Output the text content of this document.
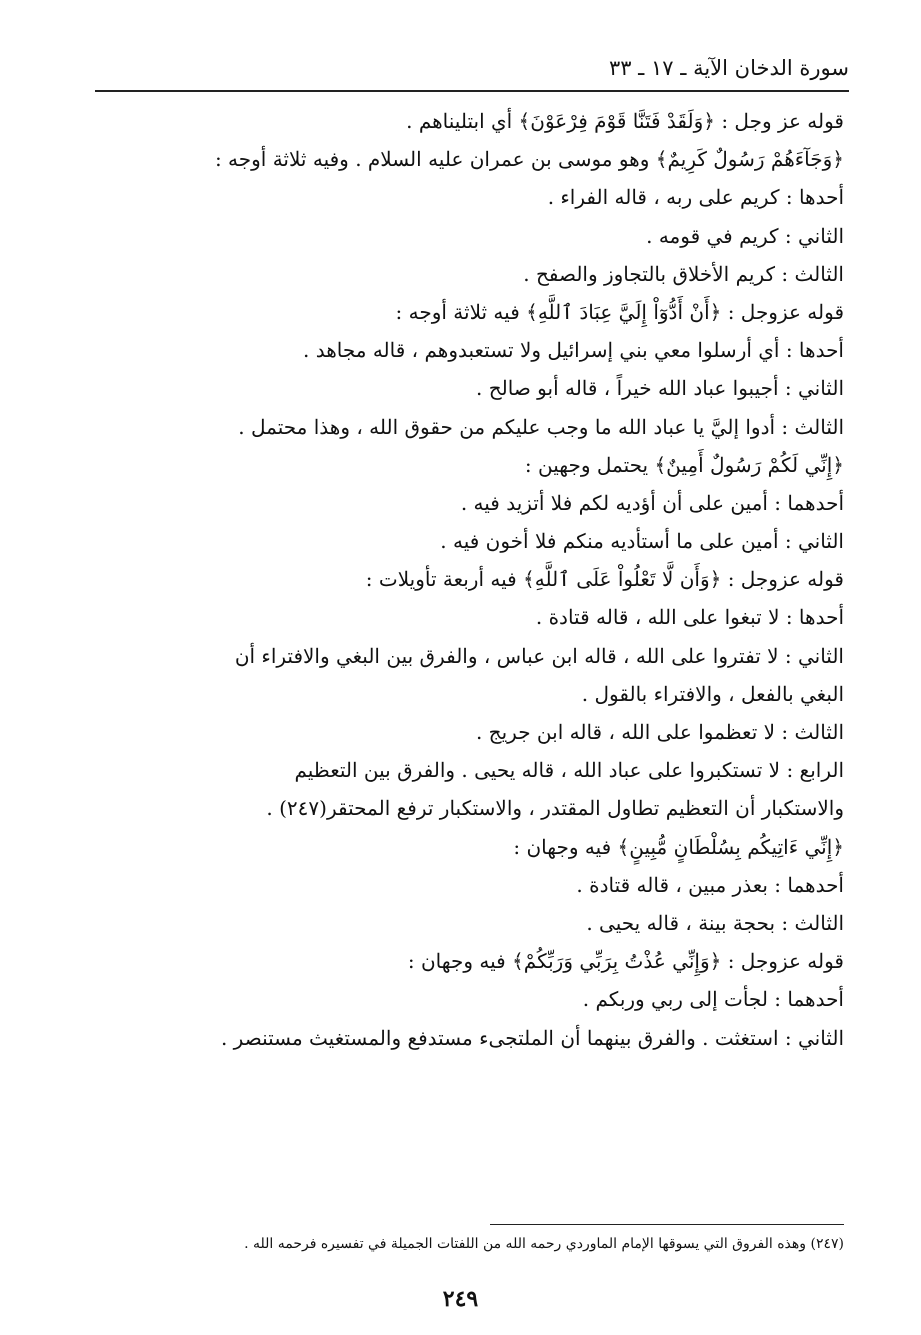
سورة الدخان الآية ـ ١٧ ـ ٣٣
قوله عز وجل : ﴿وَلَقَدْ فَتَنَّا قَوْمَ فِرْعَوْنَ﴾ أي ابتليناهم .
﴿وَجَآءَهُمْ رَسُولٌ كَرِيمٌ﴾ وهو موسى بن عمران عليه السلام . وفيه ثلاثة أوجه :
أحدها : كريم على ربه ، قاله الفراء .
الثاني : كريم في قومه .
الثالث : كريم الأخلاق بالتجاوز والصفح .
قوله عزوجل : ﴿أَنْ أَدُّوٓاْ إِلَيَّ عِبَادَ ٱللَّهِ﴾ فيه ثلاثة أوجه :
أحدها : أي أرسلوا معي بني إسرائيل ولا تستعبدوهم ، قاله مجاهد .
الثاني : أجيبوا عباد الله خيراً ، قاله أبو صالح .
الثالث : أدوا إليَّ يا عباد الله ما وجب عليكم من حقوق الله ، وهذا محتمل .
﴿إِنِّي لَكُمْ رَسُولٌ أَمِينٌ﴾ يحتمل وجهين :
أحدهما : أمين على أن أؤديه لكم فلا أتزيد فيه .
الثاني : أمين على ما أستأديه منكم فلا أخون فيه .
قوله عزوجل : ﴿وَأَن لَّا تَعْلُواْ عَلَى ٱللَّهِ﴾ فيه أربعة تأويلات :
أحدها : لا تبغوا على الله ، قاله قتادة .
الثاني : لا تفتروا على الله ، قاله ابن عباس ، والفرق بين البغي والافتراء أن
البغي بالفعل ، والافتراء بالقول .
الثالث : لا تعظموا على الله ، قاله ابن جريج .
الرابع : لا تستكبروا على عباد الله ، قاله يحيى . والفرق بين التعظيم
والاستكبار أن التعظيم تطاول المقتدر ، والاستكبار ترفع المحتقر(٢٤٧) .
﴿إِنِّي ءَاتِيكُم بِسُلْطَانٍ مُّبِينٍ﴾ فيه وجهان :
أحدهما : بعذر مبين ، قاله قتادة .
الثالث : بحجة بينة ، قاله يحيى .
قوله عزوجل : ﴿وَإِنِّي عُذْتُ بِرَبِّي وَرَبِّكُمْ﴾ فيه وجهان :
أحدهما : لجأت إلى ربي وربكم .
الثاني : استغثت . والفرق بينهما أن الملتجىء مستدفع والمستغيث مستنصر .
(٢٤٧) وهذه الفروق التي يسوقها الإمام الماوردي رحمه الله من اللفتات الجميلة في تفسيره فرحمه الله .
٢٤٩
